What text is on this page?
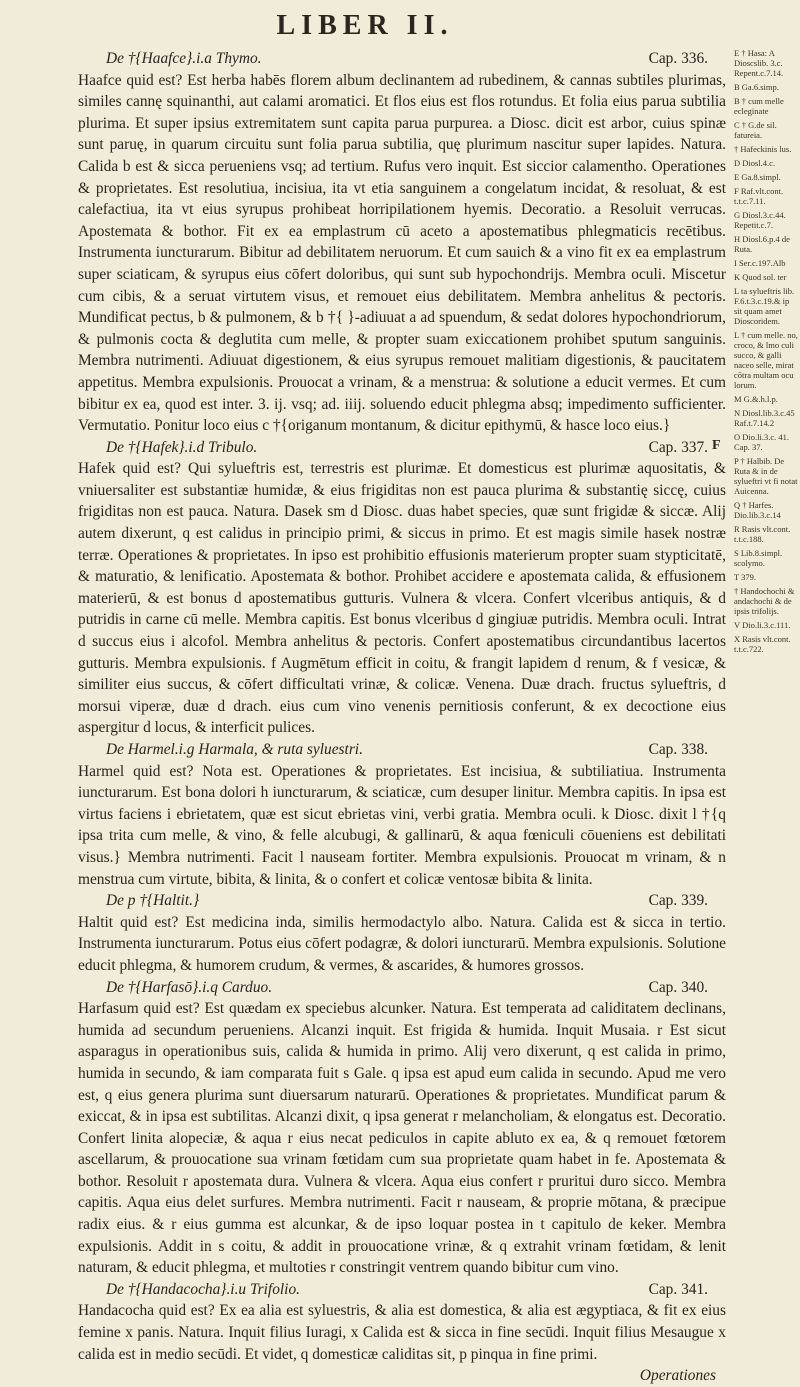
LIBER II.
F
De †{Haafce}.i.a Thymo.	Cap. 336.

Haafce quid est? Est herba habēs florem album declinantem ad rubedinem, & cannas subtiles plurimas, similes cannę squinanthi, aut calami aromatici. Et flos eius est flos rotundus. Et folia eius parua subtilia plurima. Et super ipsius extremitatem sunt capita parua purpurea. a Diosc. dicit est arbor, cuius spinæ sunt paruę, in quarum circuitu sunt folia parua subtilia, quę plurimum nascitur super lapides. Natura. Calida b est & sicca perueniens vsq; ad tertium. Rufus vero inquit. Est siccior calamentho. Operationes & proprietates. Est resolutiua, incisiua, ita vt etia sanguinem a congelatum incidat, & resoluat, & est calefactiua, ita vt eius syrupus prohibeat horripilationem hyemis. Decoratio. a Resoluit verrucas. Apostemata & bothor. Fit ex ea emplastrum cū aceto a apostematibus phlegmaticis recētibus. Instrumenta iuncturarum. Bibitur ad debilitatem neruorum. Et cum sauich & a vino fit ex ea emplastrum super sciaticam, & syrupus eius cōfert doloribus, qui sunt sub hypochondrijs. Membra oculi. Miscetur cum cibis, & a seruat virtutem visus, et remouet eius debilitatem. Membra anhelitus & pectoris. Mundificat pectus, b & pulmonem, & b †{ }-adiuuat a ad spuendum, & sedat dolores hypochondriorum, & pulmonis cocta & deglutita cum melle, & propter suam exiccationem prohibet sputum sanguinis. Membra nutrimenti. Adiuuat digestionem, & eius syrupus remouet malitiam digestionis, & paucitatem appetitus. Membra expulsionis. Prouocat a vrinam, & a menstrua: & solutione a educit vermes. Et cum bibitur ex ea, quod est inter. 3. ij. vsq; ad. iiij. soluendo educit phlegma absq; impedimento sufficienter. Vermutatio. Ponitur loco eius c †{origanum montanum, & dicitur epithymū, & hasce loco eius.}

De †{Hafek}.i.d Tribulo.	Cap. 337.

Hafek quid est? Qui sylueftris est, terrestris est plurimæ. Et domesticus est plurimæ aquositatis, & vniuersaliter est substantiæ humidæ, & eius frigiditas non est pauca plurima & substantię siccę, cuius frigiditas non est pauca. Natura. Dasek sm d Diosc. duas habet species, quæ sunt frigidæ & siccæ. Alij autem dixerunt, q est calidus in principio primi, & siccus in primo. Et est magis simile hasek nostræ terræ. Operationes & proprietates. In ipso est prohibitio effusionis materierum propter suam stypticitatē, & maturatio, & lenificatio. Apostemata & bothor. Prohibet accidere e apostemata calida, & effusionem materierū, & est bonus d apostematibus gutturis. Vulnera & vlcera. Confert vlceribus antiquis, & d putridis in carne cū melle. Membra capitis. Est bonus vlceribus d gingiuæ putridis. Membra oculi. Intrat d succus eius i alcofol. Membra anhelitus & pectoris. Confert apostematibus circundantibus lacertos gutturis. Membra expulsionis. f Augmētum efficit in coitu, & frangit lapidem d renum, & f vesicæ, & similiter eius succus, & cōfert difficultati vrinæ, & colicæ. Venena. Duæ drach. fructus sylueftris, d morsui viperæ, duæ d drach. eius cum vino venenis pernitiosis conferunt, & ex decoctione eius aspergitur d locus, & interficit pulices.

De Harmel.i.g Harmala, & ruta syluestri.	Cap. 338.

Harmel quid est? Nota est. Operationes & proprietates. Est incisiua, & subtiliatiua. Instrumenta iuncturarum. Est bona dolori h iuncturarum, & sciaticæ, cum desuper linitur. Membra capitis. In ipsa est virtus faciens i ebrietatem, quæ est sicut ebrietas vini, verbi gratia. Membra oculi. k Diosc. dixit l †{q ipsa trita cum melle, & vino, & felle alcubugi, & gallinarū, & aqua fœniculi cōueniens est debilitati visus.} Membra nutrimenti. Facit l nauseam fortiter. Membra expulsionis. Prouocat m vrinam, & n menstrua cum virtute, bibita, & linita, & o confert et colicæ ventosæ bibita & linita.

De p †{Haltit.}	Cap. 339.

Haltit quid est? Est medicina inda, similis hermodactylo albo. Natura. Calida est & sicca in tertio. Instrumenta iuncturarum. Potus eius cōfert podagræ, & dolori iuncturarū. Membra expulsionis. Solutione educit phlegma, & humorem crudum, & vermes, & ascarides, & humores grossos.

De †{Harfasō}.i.q Carduo.	Cap. 340.

Harfasum quid est? Est quædam ex speciebus alcunker. Natura. Est temperata ad caliditatem declinans, humida ad secundum perueniens. Alcanzi inquit. Est frigida & humida. Inquit Musaia. r Est sicut asparagus in operationibus suis, calida & humida in primo. Alij vero dixerunt, q est calida in primo, humida in secundo, & iam comparata fuit s Gale. q ipsa est apud eum calida in secundo. Apud me vero est, q eius genera plurima sunt diuersarum naturarū. Operationes & proprietates. Mundificat parum & exiccat, & in ipsa est subtilitas. Alcanzi dixit, q ipsa generat r melancholiam, & elongatus est. Decoratio. Confert linita alopeciæ, & aqua r eius necat pediculos in capite abluto ex ea, & q remouet fœtorem ascellarum, & prouocatione sua vrinam fœtidam cum sua proprietate quam habet in fe. Apostemata & bothor. Resoluit r apostemata dura. Vulnera & vlcera. Aqua eius confert r pruritui duro sicco. Membra capitis. Aqua eius delet surfures. Membra nutrimenti. Facit r nauseam, & proprie mōtana, & præcipue radix eius. & r eius gumma est alcunkar, & de ipso loquar postea in t capitulo de keker. Membra expulsionis. Addit in s coitu, & addit in prouocatione vrinæ, & q extrahit vrinam fœtidam, & lenit naturam, & educit phlegma, et multoties r constringit ventrem quando bibitur cum vino.

De †{Handacocha}.i.u Trifolio.	Cap. 341.

Handacocha quid est? Ex ea alia est syluestris, & alia est domestica, & alia est ægyptiaca, & fit ex eius femine x panis. Natura. Inquit filius Iuragi, x Calida est & sicca in fine secūdi. Inquit filius Mesaugue x calida est in medio secūdi. Et videt, q domesticæ caliditas sit, p pinqua in fine primi.

Operationes
E † Hasa: A Dioscslib. 3.c. Repent.c.7.14.
B Ga.6.simp.
B † cum melle ecleginate
C † G.de sil. fatureia.
† Hafeckinis lus.
D Diosl.4.c.
E Ga.8.simpl.
F Raf.vlt.cont. t.t.c.7.11.
G Diosl.3.c.44. Repetit.c.7.
H Diosl.6.p.4 de Ruta.
I Ser.c.197.Alb
K Quod sol. ter
L ta sylueftris lib. F.6.t.3.c.19.& ip sit quam amet Dioscoridem.
L † cum melle. no, croco, & lmo culi succo, & galli naceo selle, mirat cōtra multam ocu lorum.
M G.&.h.l.p.
N Diosl.lib.3.c.45 Raf.t.7.14.2
O Dio.li.3.c. 41. Cap. 37.
P † Halbib. De Ruta & in de sylueftri vt fi notat Auicenna.
Q † Harfes. Dio.lib.3.c.14
R Rasis vlt.cont. t.t.c.188.
S Lib.8.simpl. scolymo.
T 379.
† Handochochi & andachochi & de ipsis trifolijs.
V Dio.li.3.c.111.
X Rasis vlt.cont. t.t.c.722.
